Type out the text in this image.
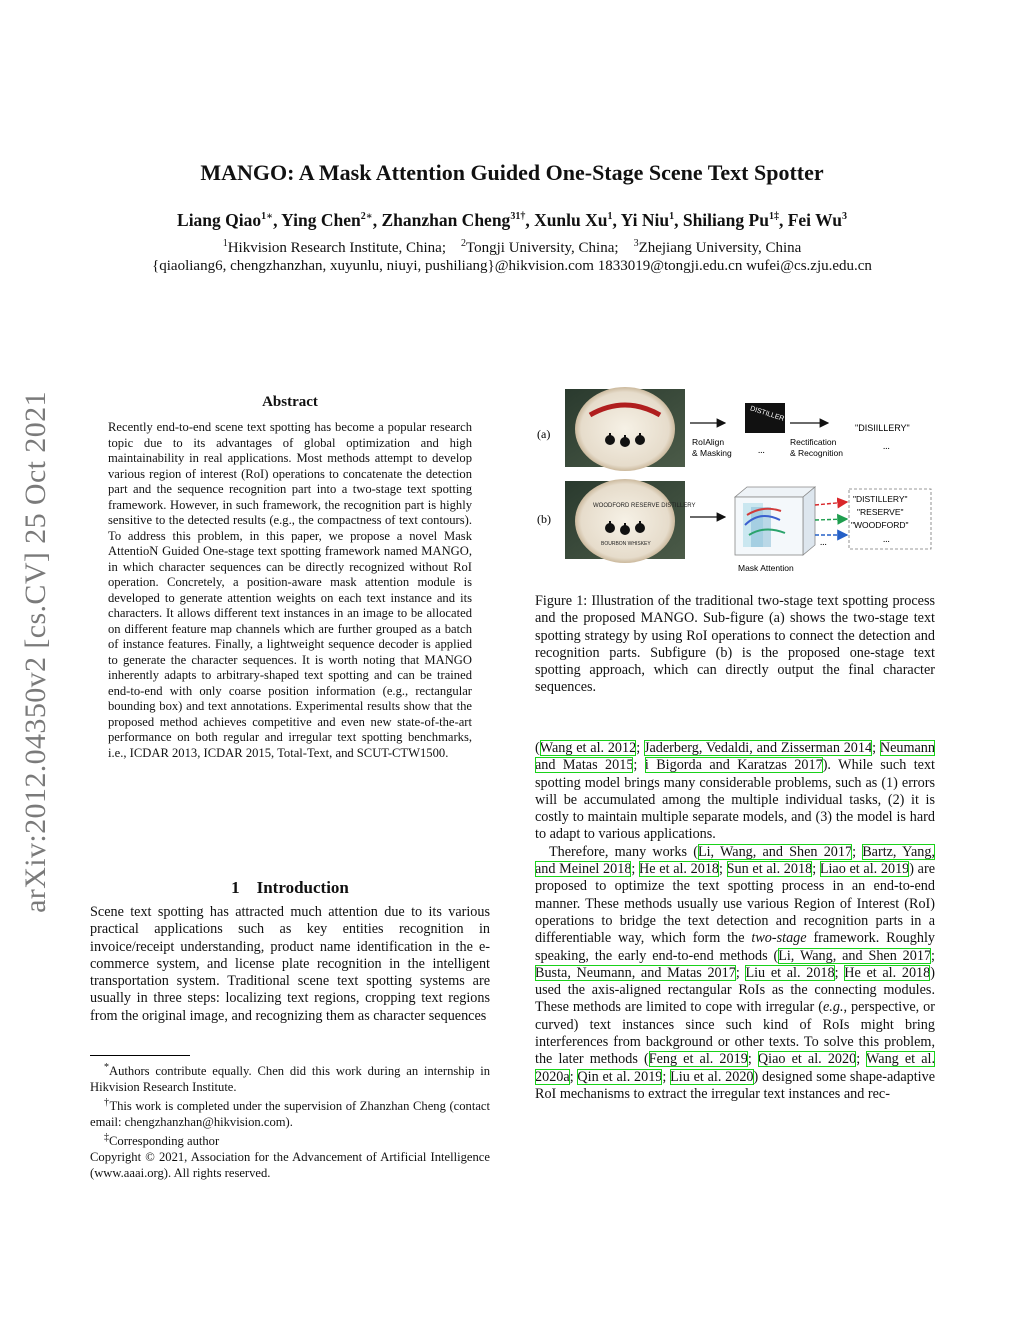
arXiv:2012.04350v2 [cs.CV] 25 Oct 2021
MANGO: A Mask Attention Guided One-Stage Scene Text Spotter
Liang Qiao$^{1∗}$, Ying Chen$^{2∗}$, Zhanzhan Cheng$^{31\dagger}$, Xunlu Xu$^1$, Yi Niu$^1$, Shiliang $Pu^{1\ddagger}$, Fei Wu$^3$
$^1$Hikvision Research Institute, China; $^2$Tongji University, China; $^3$Zhejiang University, China
{qiaoliang6, chengzhanzhan, xuyunlu, niuyi, pushiliang}@hikvision.com 1833019@tongji.edu.cn wufei@cs.zju.edu.cn
Abstract
Recently end-to-end scene text spotting has become a popular research topic due to its advantages of global optimization and high maintainability in real applications. Most methods attempt to develop various region of interest (RoI) operations to concatenate the detection part and the sequence recognition part into a two-stage text spotting framework. However, in such framework, the recognition part is highly sensitive to the detected results (e.g., the compactness of text contours). To address this problem, in this paper, we propose a novel Mask AttentioN Guided One-stage text spotting framework named MANGO, in which character sequences can be directly recognized without RoI operation. Concretely, a position-aware mask attention module is developed to generate attention weights on each text instance and its characters. It allows different text instances in an image to be allocated on different feature map channels which are further grouped as a batch of instance features. Finally, a lightweight sequence decoder is applied to generate the character sequences. It is worth noting that MANGO inherently adapts to arbitrary-shaped text spotting and can be trained end-to-end with only coarse position information (e.g., rectangular bounding box) and text annotations. Experimental results show that the proposed method achieves competitive and even new state-of-the-art performance on both regular and irregular text spotting benchmarks, i.e., ICDAR 2013, ICDAR 2015, Total-Text, and SCUT-CTW1500.
1 Introduction
Scene text spotting has attracted much attention due to its various practical applications such as key entities recognition in invoice/receipt understanding, product name identification in the e-commerce system, and license plate recognition in the intelligent transportation system. Traditional scene text spotting systems are usually in three steps: localizing text regions, cropping text regions from the original image, and recognizing them as character sequences

*Authors contribute equally. Chen did this work during an internship in Hikvision Research Institute.

†This work is completed under the supervision of Zhanzhan Cheng (contact email: chengzhanzhan@hikvision.com).

‡Corresponding author

Copyright © 2021, Association for the Advancement of Artificial Intelligence (www.aaai.org). All rights reserved.

(a)
(b)
RoIAlign
& Masking
DISTILLERY
...
Rectification
& Recognition
"DISIILLERY"
...
WOODFORD RESERVE DISTILLERY
BOURBON WHISKEY
Mask Attention
...
"DISTILLERY"
"RESERVE"
"WOODFORD"
...
Figure 1: Illustration of the traditional two-stage text spotting process and the proposed MANGO. Sub-figure (a) shows the two-stage text spotting strategy by using RoI operations to connect the detection and recognition parts. Subfigure (b) is the proposed one-stage text spotting approach, which can directly output the final character sequences.

(Wang et al. 2012; Jaderberg, Vedaldi, and Zisserman 2014; Neumann and Matas 2015; i Bigorda and Karatzas 2017). While such text spotting model brings many considerable problems, such as (1) errors will be accumulated among the multiple individual tasks, (2) it is costly to maintain multiple separate models, and (3) the model is hard to adapt to various applications.

Therefore, many works (Li, Wang, and Shen 2017; Bartz, Yang, and Meinel 2018; He et al. 2018; Sun et al. 2018; Liao et al. 2019) are proposed to optimize the text spotting process in an end-to-end manner. These methods usually use various Region of Interest (RoI) operations to bridge the text detection and recognition parts in a differentiable way, which form the two-stage framework. Roughly speaking, the early end-to-end methods (Li, Wang, and Shen 2017; Busta, Neumann, and Matas 2017; Liu et al. 2018; He et al. 2018) used the axis-aligned rectangular RoIs as the connecting modules. These methods are limited to cope with irregular (e.g., perspective, or curved) text instances since such kind of RoIs might bring interferences from background or other texts. To solve this problem, the later methods (Feng et al. 2019; Qiao et al. 2020; Wang et al. 2020a; Qin et al. 2019; Liu et al. 2020) designed some shape-adaptive RoI mechanisms to extract the irregular text instances and rec-
